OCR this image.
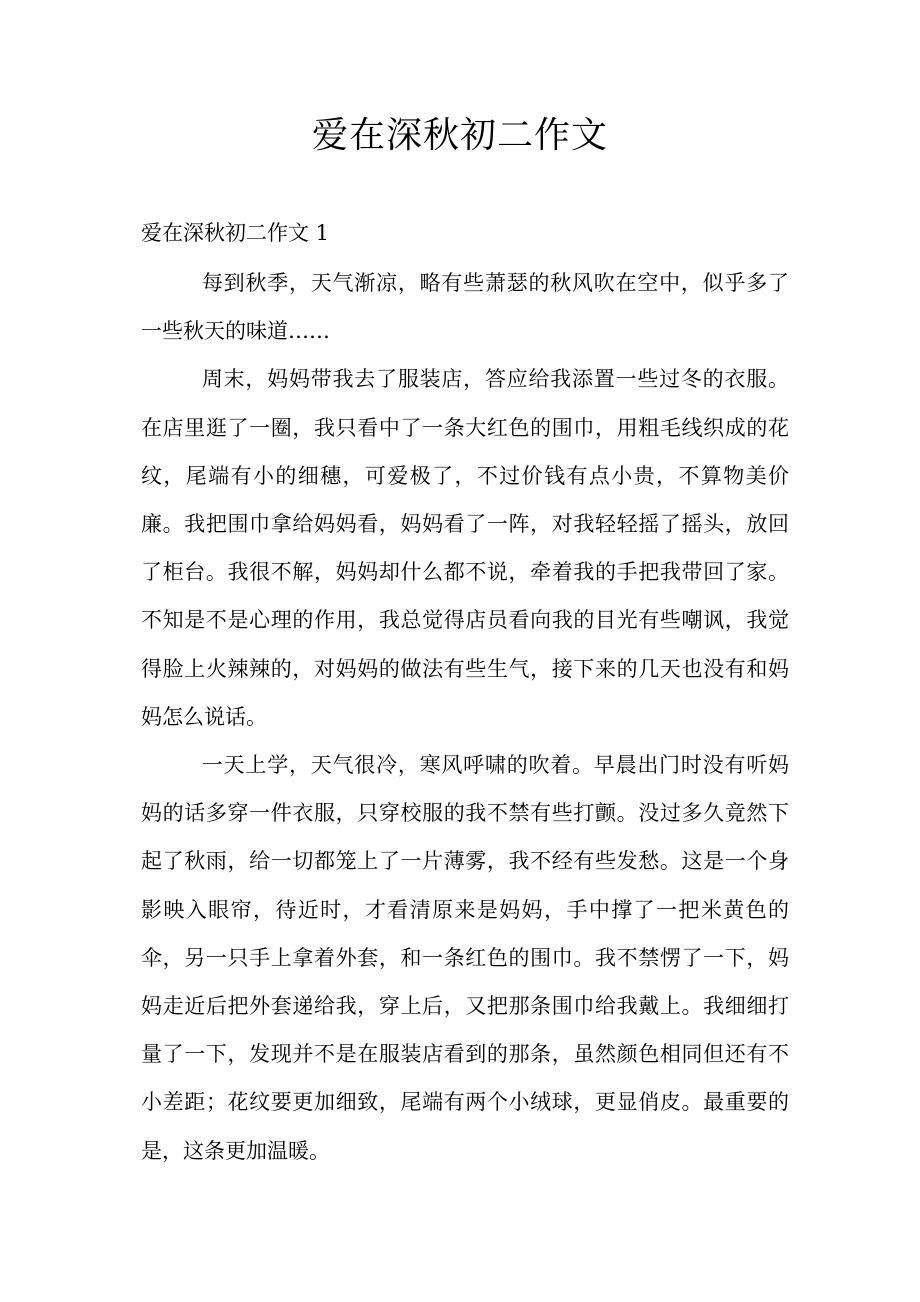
爱在深秋初二作文

爱在深秋初二作文 1

每到秋季，天气渐凉，略有些萧瑟的秋风吹在空中，似乎多了一些秋天的味道……

周末，妈妈带我去了服装店，答应给我添置一些过冬的衣服。在店里逛了一圈，我只看中了一条大红色的围巾，用粗毛线织成的花纹，尾端有小的细穗，可爱极了，不过价钱有点小贵，不算物美价廉。我把围巾拿给妈妈看，妈妈看了一阵，对我轻轻摇了摇头，放回了柜台。我很不解，妈妈却什么都不说，牵着我的手把我带回了家。不知是不是心理的作用，我总觉得店员看向我的目光有些嘲讽，我觉得脸上火辣辣的，对妈妈的做法有些生气，接下来的几天也没有和妈妈怎么说话。

一天上学，天气很冷，寒风呼啸的吹着。早晨出门时没有听妈妈的话多穿一件衣服，只穿校服的我不禁有些打颤。没过多久竟然下起了秋雨，给一切都笼上了一片薄雾，我不经有些发愁。这是一个身影映入眼帘，待近时，才看清原来是妈妈，手中撑了一把米黄色的伞，另一只手上拿着外套，和一条红色的围巾。我不禁愣了一下，妈妈走近后把外套递给我，穿上后，又把那条围巾给我戴上。我细细打量了一下，发现并不是在服装店看到的那条，虽然颜色相同但还有不小差距；花纹要更加细致，尾端有两个小绒球，更显俏皮。最重要的是，这条更加温暖。
